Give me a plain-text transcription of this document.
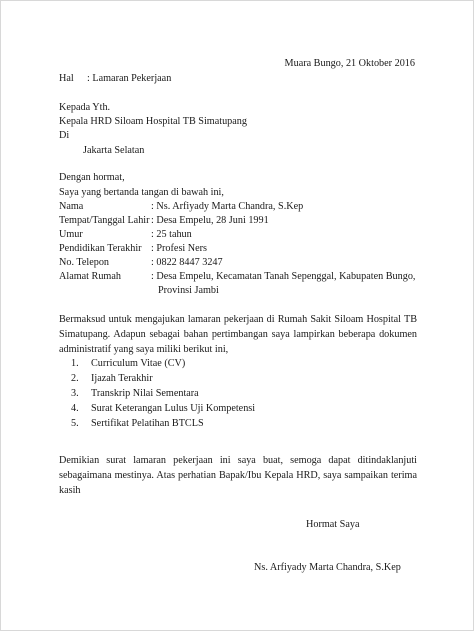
Muara Bungo, 21 Oktober 2016
Hal : Lamaran Pekerjaan
Kepada Yth.
Kepala HRD Siloam Hospital TB Simatupang
Di
Jakarta Selatan
Dengan hormat,
Saya yang bertanda tangan di bawah ini,
Nama	: Ns. Arfiyady Marta Chandra, S.Kep
Tempat/Tanggal Lahir : Desa Empelu, 28 Juni 1991
Umur	: 25 tahun
Pendidikan Terakhir : Profesi Ners
No. Telepon	: 0822 8447 3247
Alamat Rumah	: Desa Empelu, Kecamatan Tanah Sepenggal, Kabupaten Bungo,
Provinsi Jambi
Bermaksud untuk mengajukan lamaran pekerjaan di Rumah Sakit Siloam Hospital TB Simatupang. Adapun sebagai bahan pertimbangan saya lampirkan beberapa dokumen administratif yang saya miliki berikut ini,
1.	Curriculum Vitae (CV)
2.	Ijazah Terakhir
3.	Transkrip Nilai Sementara
4.	Surat Keterangan Lulus Uji Kompetensi
5.	Sertifikat Pelatihan BTCLS
Demikian surat lamaran pekerjaan ini saya buat, semoga dapat ditindaklanjuti sebagaimana mestinya. Atas perhatian Bapak/Ibu Kepala HRD, saya sampaikan terima kasih
Hormat Saya
Ns. Arfiyady Marta Chandra, S.Kep
